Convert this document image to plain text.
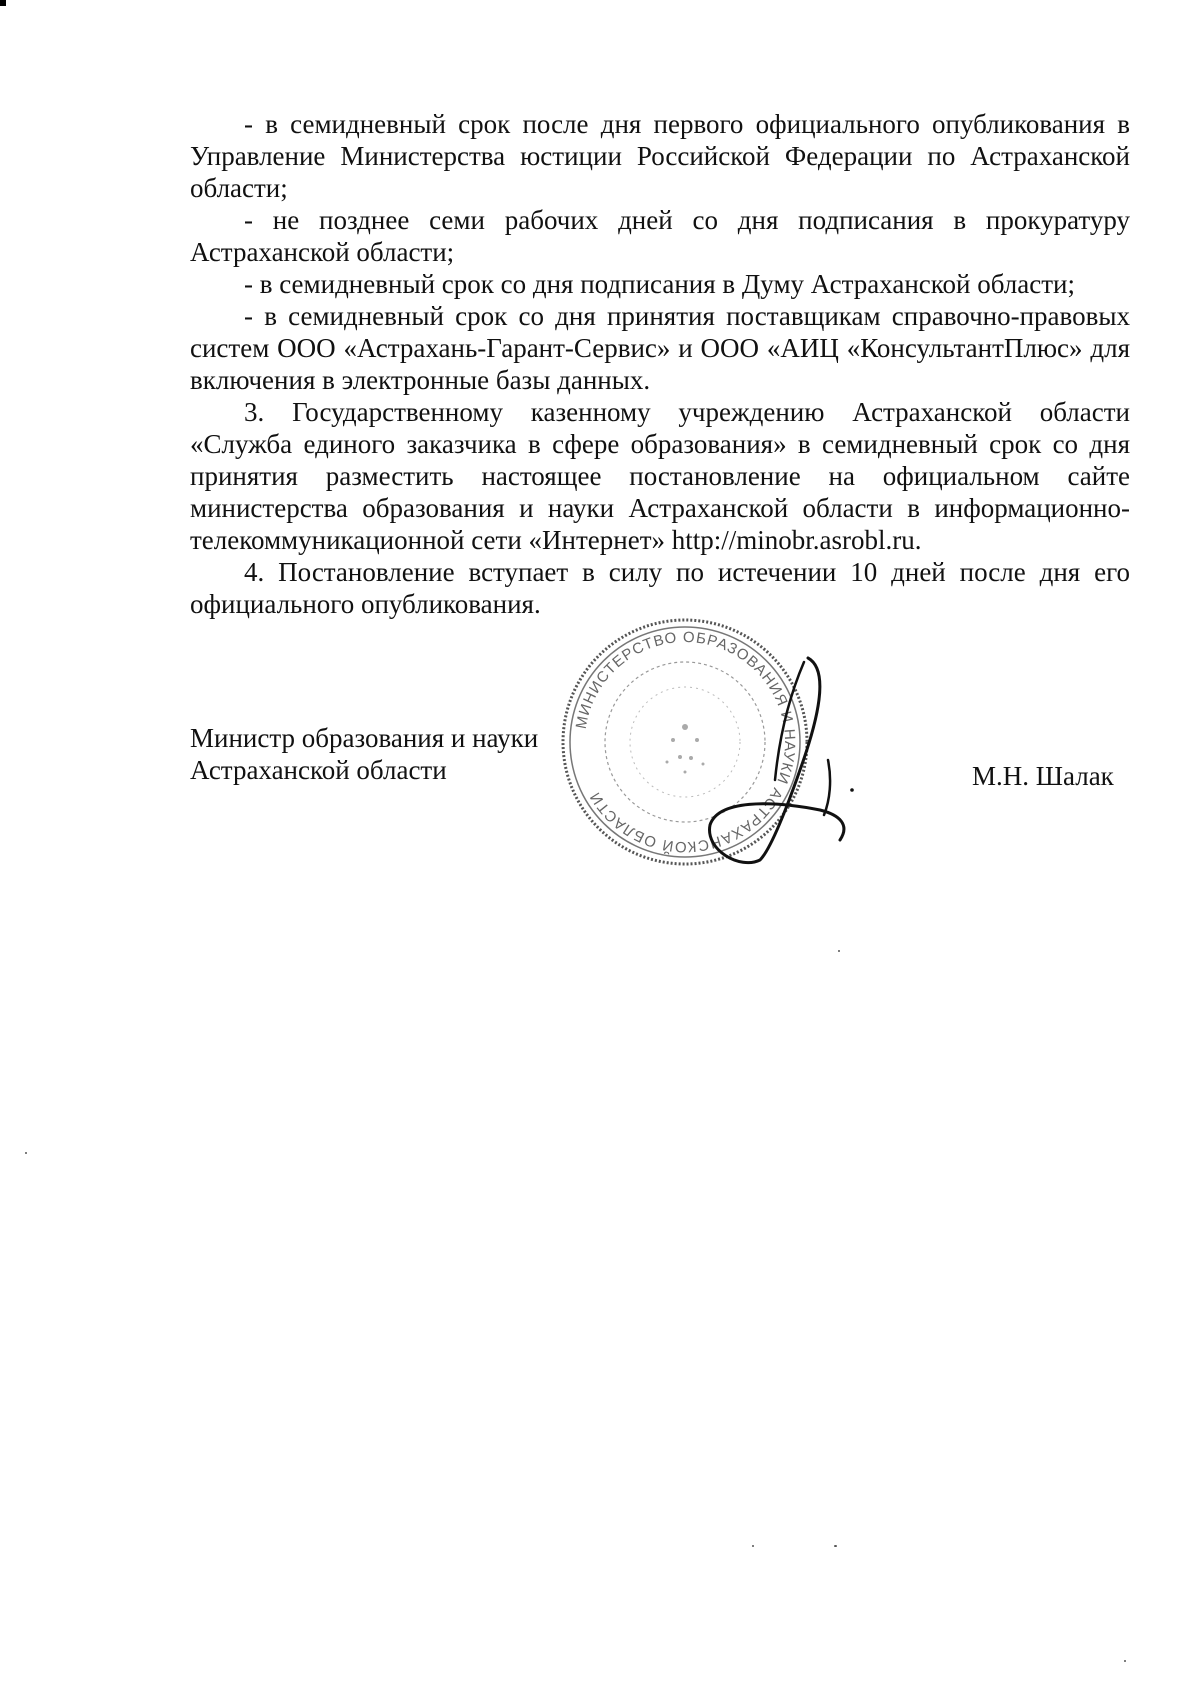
- в семидневный срок после дня первого официального опубликования в Управление Министерства юстиции Российской Федерации по Астраханской области;

- не позднее семи рабочих дней со дня подписания в прокуратуру Астраханской области;

- в семидневный срок со дня подписания в Думу Астраханской области;

- в семидневный срок со дня принятия поставщикам справочно-правовых систем ООО «Астрахань-Гарант-Сервис» и ООО «АИЦ «КонсультантПлюс» для включения в электронные базы данных.

3. Государственному казенному учреждению Астраханской области «Служба единого заказчика в сфере образования» в семидневный срок со дня принятия разместить настоящее постановление на официальном сайте министерства образования и науки Астраханской области в информационно-телекоммуникационной сети «Интернет» http://minobr.asrobl.ru.

4. Постановление вступает в силу по истечении 10 дней после дня его официального опубликования.

Министр образования и науки
Астраханской области
МИНИСТЕРСТВО ОБРАЗОВАНИЯ И НАУКИ АСТРАХАНСКОЙ ОБЛАСТИ
М.Н. Шалак
